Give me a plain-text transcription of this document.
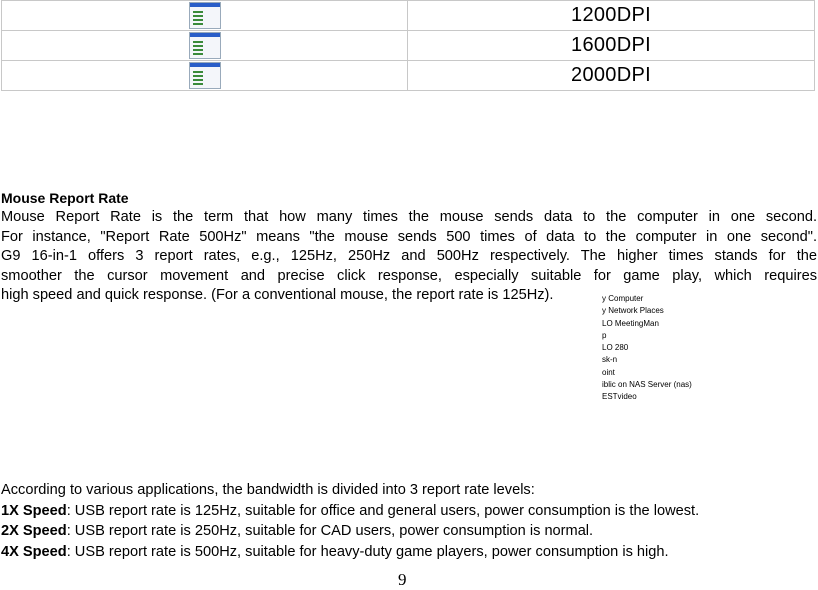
	1200DPI
	1600DPI
	2000DPI
Mouse Report Rate
Mouse Report Rate is the term that how many times the mouse sends data to the computer in one second.
For instance, "Report Rate 500Hz" means "the mouse sends 500 times of data to the computer in one second".
G9 16-in-1 offers 3 report rates, e.g., 125Hz, 250Hz and 500Hz respectively. The higher times stands for the
smoother the cursor movement and precise click response, especially suitable for game play, which requires
high speed and quick response. (For a conventional mouse, the report rate is 125Hz).	y Computer
y Network Places
LO MeetingMan
p
LO 280
sk-n
oint
iblic on NAS Server (nas)
ESTvideo
According to various applications, the bandwidth is divided into 3 report rate levels:
1X Speed: USB report rate is 125Hz, suitable for office and general users, power consumption is the lowest.
2X Speed: USB report rate is 250Hz, suitable for CAD users, power consumption is normal.
4X Speed: USB report rate is 500Hz, suitable for heavy-duty game players, power consumption is high.
9
